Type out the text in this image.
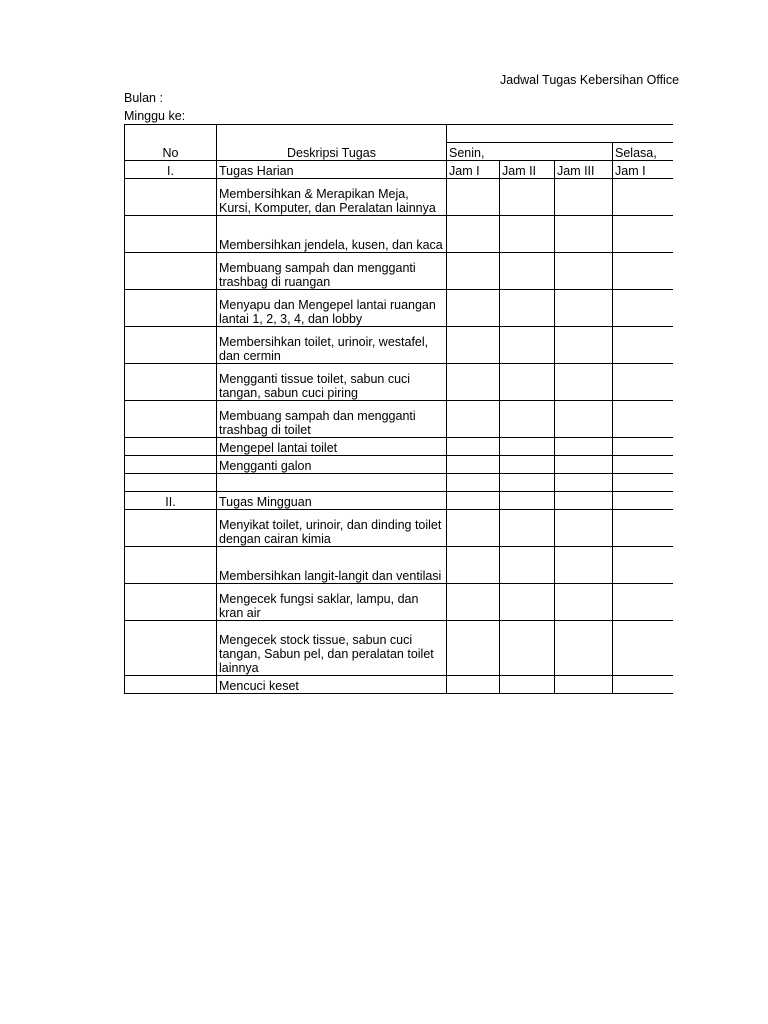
Jadwal Tugas Kebersihan Office
Bulan :
Minggu ke:
No	Deskripsi Tugas				
		Senin,			Selasa,
I.	Tugas Harian	Jam I	Jam II	Jam III	Jam I
	Membersihkan & Merapikan Meja, Kursi, Komputer, dan Peralatan lainnya				
	Membersihkan jendela, kusen, dan kaca				
	Membuang sampah dan mengganti trashbag di ruangan				
	Menyapu dan Mengepel lantai ruangan lantai 1, 2, 3, 4, dan lobby				
	Membersihkan toilet, urinoir, westafel, dan cermin				
	Mengganti tissue toilet, sabun cuci tangan, sabun cuci piring				
	Membuang sampah dan mengganti trashbag di toilet				
	Mengepel lantai toilet				
	Mengganti galon				

II.	Tugas Mingguan				
	Menyikat toilet, urinoir, dan dinding toilet dengan cairan kimia				
	Membersihkan langit-langit dan ventilasi				
	Mengecek fungsi saklar, lampu, dan kran air				
	Mengecek stock tissue, sabun cuci tangan, Sabun pel, dan peralatan toilet lainnya				
	Mencuci keset				
